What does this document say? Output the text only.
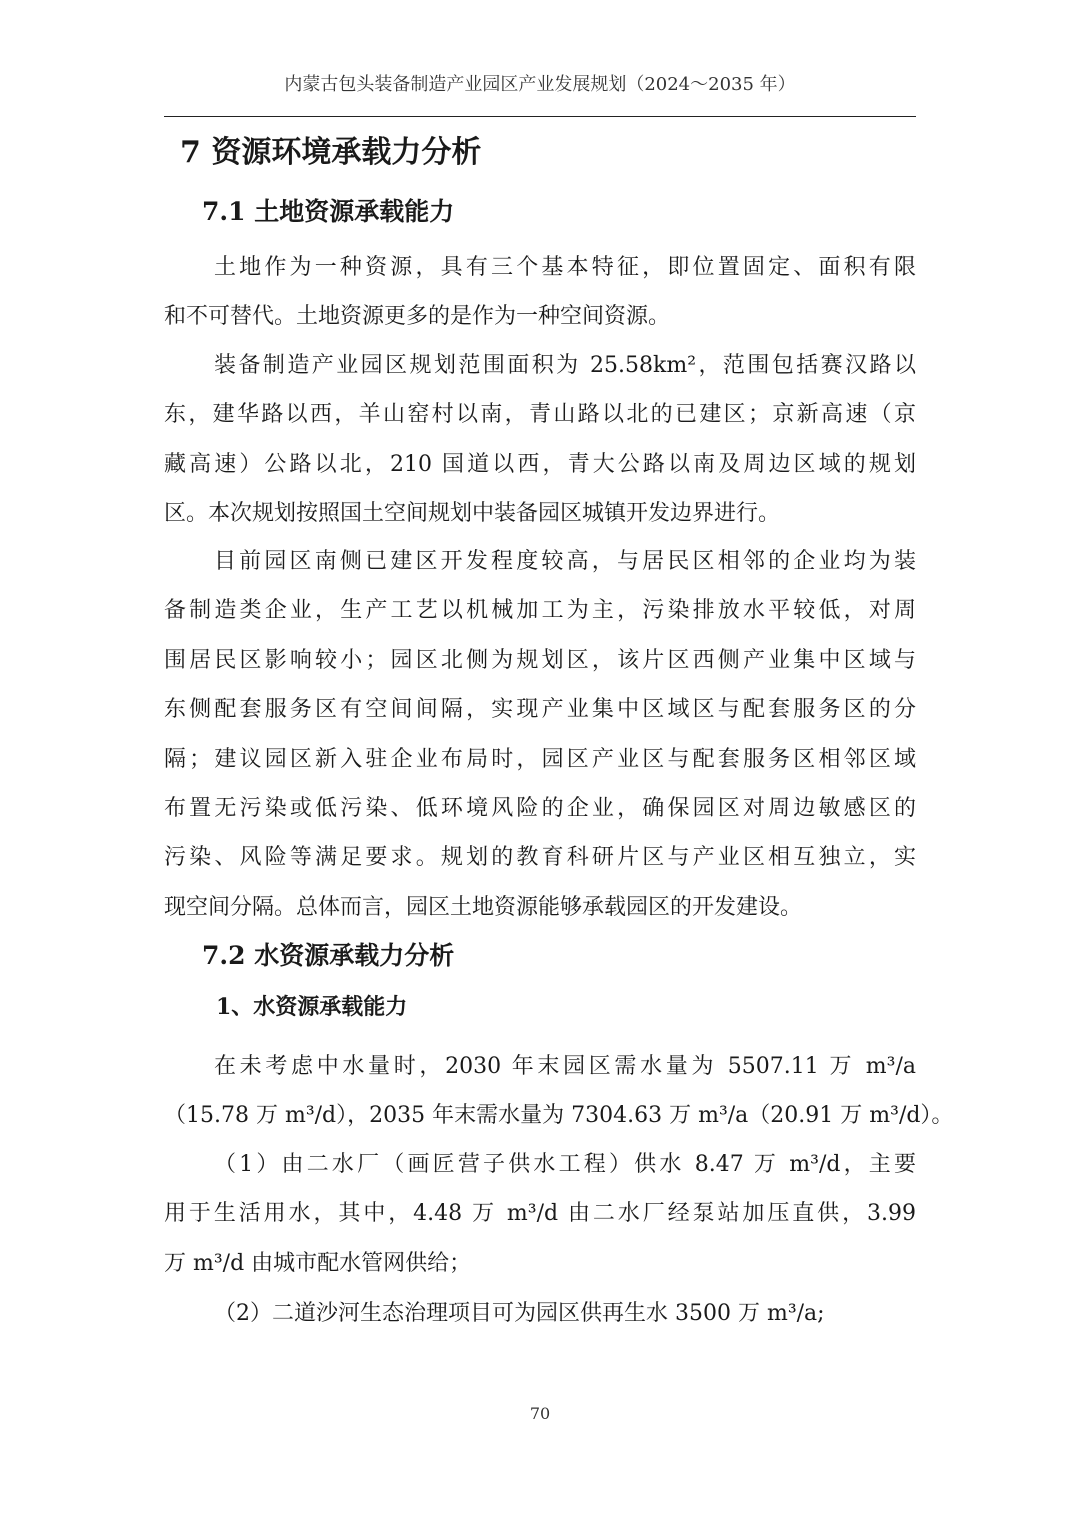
内蒙古包头装备制造产业园区产业发展规划（2024～2035 年）
7 资源环境承载力分析
7.1 土地资源承载能力
土地作为一种资源，具有三个基本特征，即位置固定、面积有限
和不可替代。土地资源更多的是作为一种空间资源。
装备制造产业园区规划范围面积为 25.58km²，范围包括赛汉路以
东，建华路以西，羊山窑村以南，青山路以北的已建区；京新高速（京
藏高速）公路以北，210 国道以西，青大公路以南及周边区域的规划
区。本次规划按照国土空间规划中装备园区城镇开发边界进行。
目前园区南侧已建区开发程度较高，与居民区相邻的企业均为装
备制造类企业，生产工艺以机械加工为主，污染排放水平较低，对周
围居民区影响较小；园区北侧为规划区，该片区西侧产业集中区域与
东侧配套服务区有空间间隔，实现产业集中区域区与配套服务区的分
隔；建议园区新入驻企业布局时，园区产业区与配套服务区相邻区域
布置无污染或低污染、低环境风险的企业，确保园区对周边敏感区的
污染、风险等满足要求。规划的教育科研片区与产业区相互独立，实
现空间分隔。总体而言，园区土地资源能够承载园区的开发建设。
7.2 水资源承载力分析
1、水资源承载能力
在未考虑中水量时，2030 年末园区需水量为 5507.11 万 m³/a
（15.78 万 m³/d），2035 年末需水量为 7304.63 万 m³/a（20.91 万 m³/d）。
（1）由二水厂（画匠营子供水工程）供水 8.47 万 m³/d，主要
用于生活用水，其中，4.48 万 m³/d 由二水厂经泵站加压直供，3.99
万 m³/d 由城市配水管网供给；
（2）二道沙河生态治理项目可为园区供再生水 3500 万 m³/a;
70
